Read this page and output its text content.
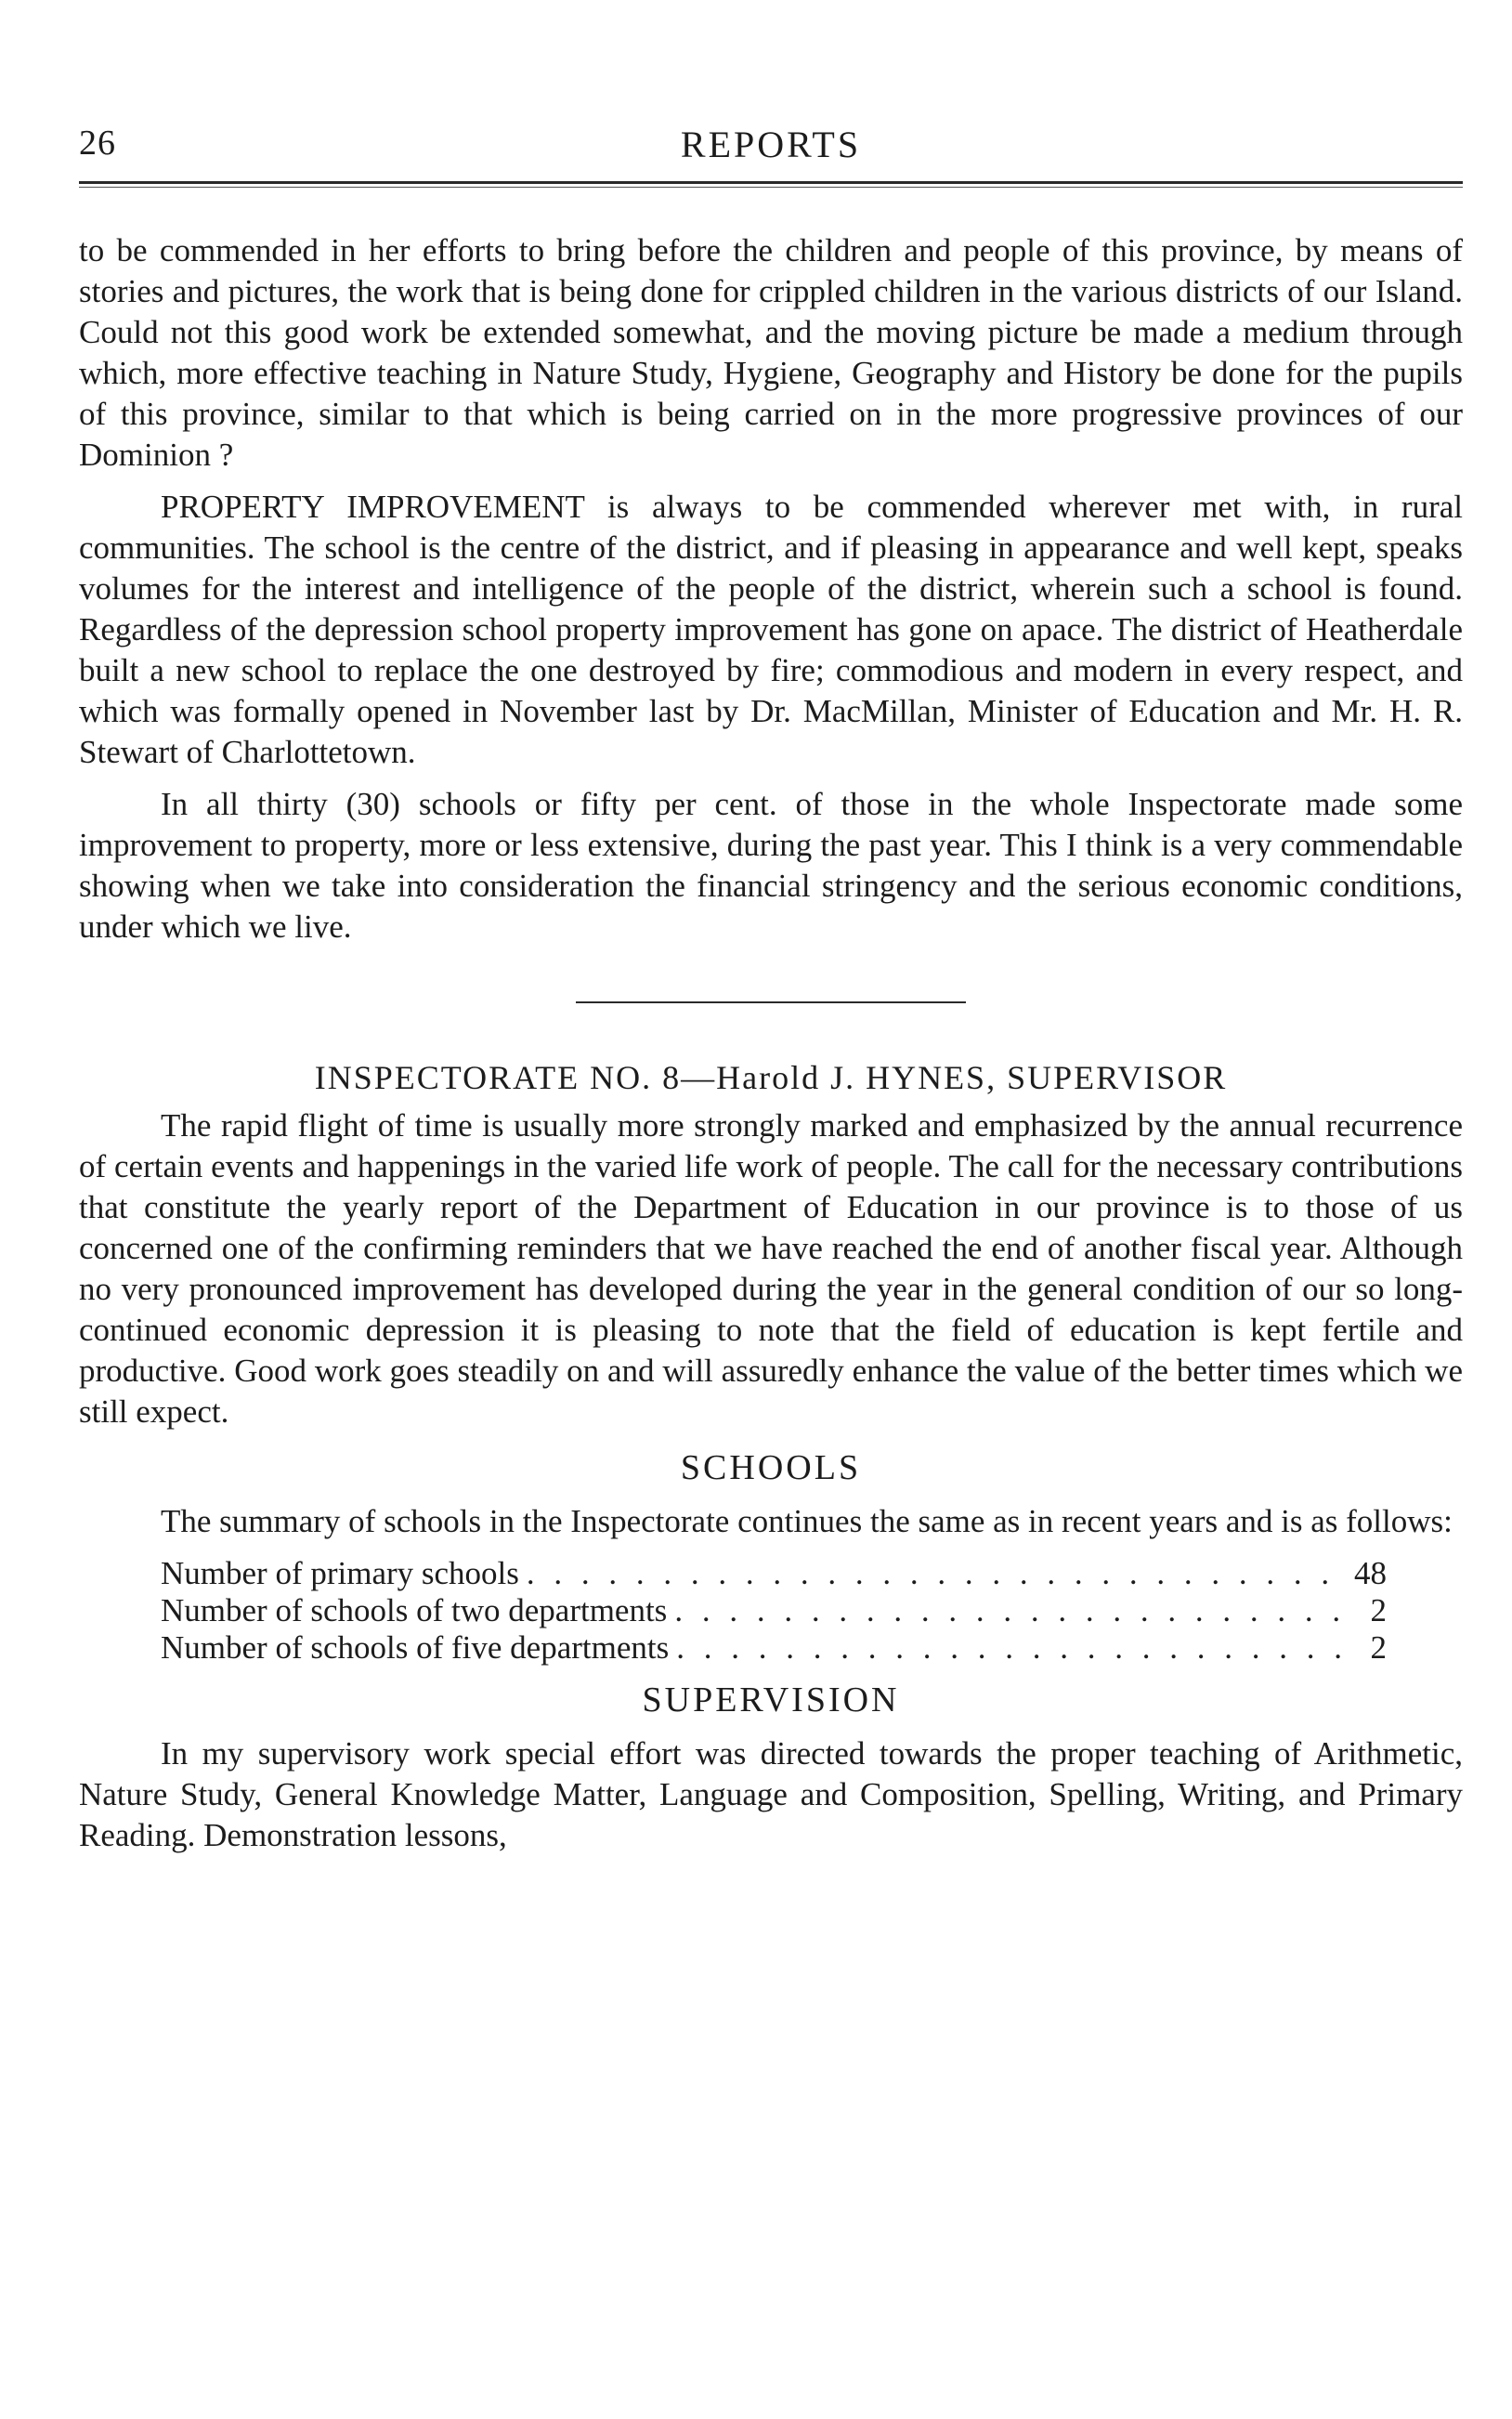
26	REPORTS

to be commended in her efforts to bring before the children and people of this province, by means of stories and pictures, the work that is being done for crippled children in the various districts of our Island. Could not this good work be extended somewhat, and the moving picture be made a medium through which, more effective teaching in Nature Study, Hygiene, Geography and History be done for the pupils of this province, similar to that which is being carried on in the more progressive provinces of our Dominion ?

PROPERTY IMPROVEMENT is always to be commended wherever met with, in rural communities. The school is the centre of the district, and if pleasing in appearance and well kept, speaks volumes for the interest and intelligence of the people of the district, wherein such a school is found. Regardless of the depression school property improvement has gone on apace. The district of Heatherdale built a new school to replace the one destroyed by fire; commodious and modern in every respect, and which was formally opened in November last by Dr. MacMillan, Minister of Education and Mr. H. R. Stewart of Charlottetown.

In all thirty (30) schools or fifty per cent. of those in the whole Inspectorate made some improvement to property, more or less extensive, during the past year. This I think is a very commendable showing when we take into consideration the financial stringency and the serious economic conditions, under which we live.

INSPECTORATE NO. 8—Harold J. HYNES, SUPERVISOR

The rapid flight of time is usually more strongly marked and emphasized by the annual recurrence of certain events and happenings in the varied life work of people. The call for the necessary contributions that constitute the yearly report of the Department of Education in our province is to those of us concerned one of the confirming reminders that we have reached the end of another fiscal year. Although no very pronounced improvement has developed during the year in the general condition of our so long-continued economic depression it is pleasing to note that the field of education is kept fertile and productive. Good work goes steadily on and will assuredly enhance the value of the better times which we still expect.

SCHOOLS

The summary of schools in the Inspectorate continues the same as in recent years and is as follows:

Number of primary schools . . .	48
Number of schools of two departments . . .	2
Number of schools of five departments . . .	2
SUPERVISION

In my supervisory work special effort was directed towards the proper teaching of Arithmetic, Nature Study, General Knowledge Matter, Language and Composition, Spelling, Writing, and Primary Reading. Demonstration lessons,
